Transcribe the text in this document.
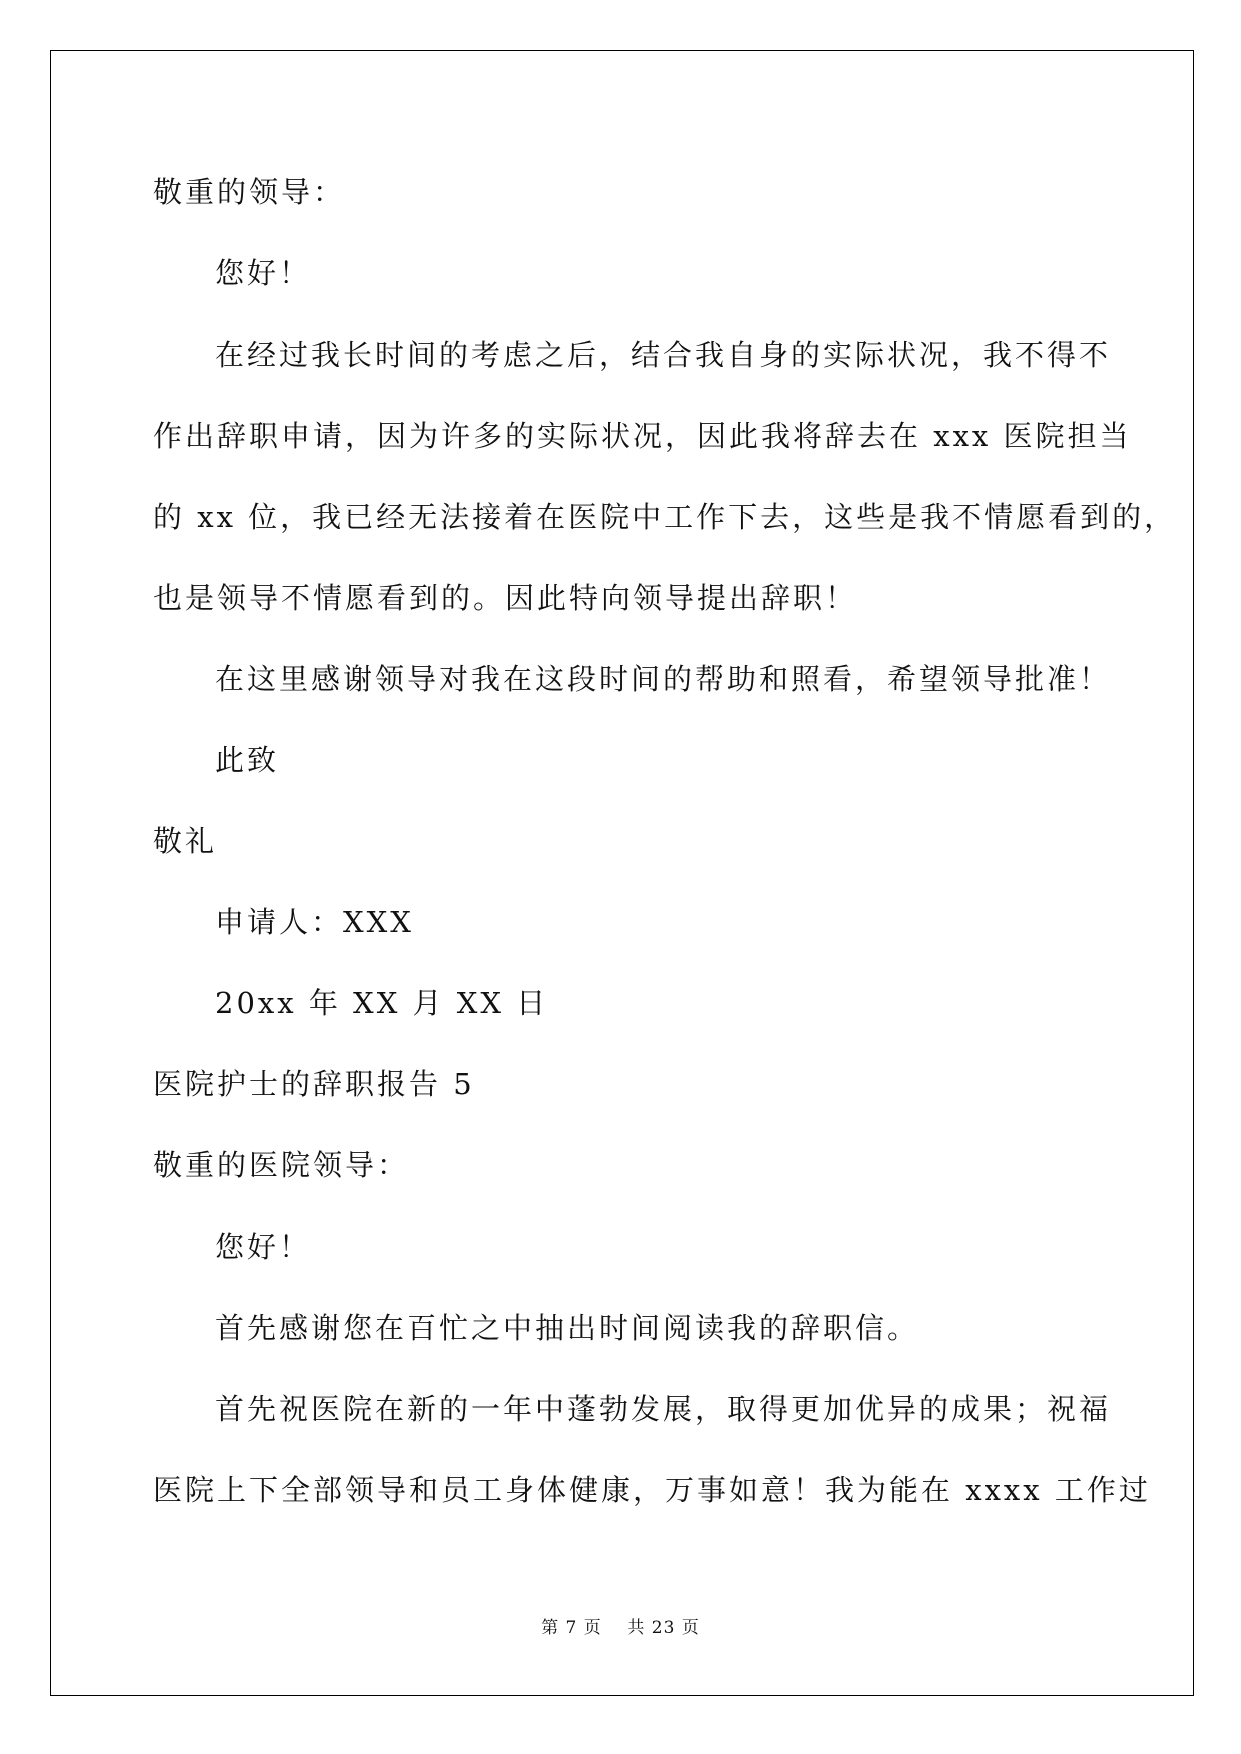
敬重的领导：
您好！
在经过我长时间的考虑之后，结合我自身的实际状况，我不得不
作出辞职申请，因为许多的实际状况，因此我将辞去在 xxx 医院担当
的 xx 位，我已经无法接着在医院中工作下去，这些是我不情愿看到的，
也是领导不情愿看到的。因此特向领导提出辞职！
在这里感谢领导对我在这段时间的帮助和照看，希望领导批准！
此致
敬礼
申请人：XXX
20xx 年 XX 月 XX 日
医院护士的辞职报告 5
敬重的医院领导：
您好！
首先感谢您在百忙之中抽出时间阅读我的辞职信。
首先祝医院在新的一年中蓬勃发展，取得更加优异的成果；祝福
医院上下全部领导和员工身体健康，万事如意！我为能在 xxxx 工作过
第 7 页    共 23 页
